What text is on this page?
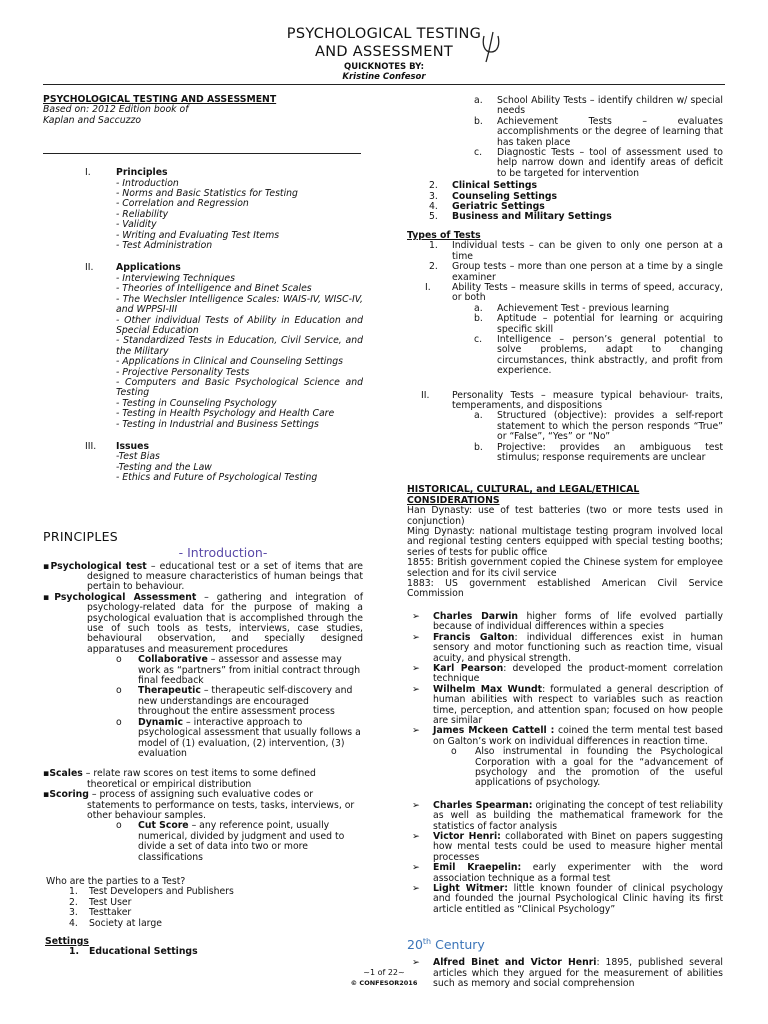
PSYCHOLOGICAL TESTING
AND ASSESSMENT
QUICKNOTES BY:
Kristine Confesor
PSYCHOLOGICAL TESTING AND ASSESSMENT
Based on: 2012 Edition book of
Kaplan and Saccuzzo
I.	Principles
- Introduction
- Norms and Basic Statistics for Testing
- Correlation and Regression
- Reliability
- Validity
- Writing and Evaluating Test Items
- Test Administration
II. Applications
- Interviewing Techniques
- Theories of Intelligence and Binet Scales
- The Wechsler Intelligence Scales: WAIS-IV, WISC-IV, and WPPSI-III
- Other individual Tests of Ability in Education and Special Education
- Standardized Tests in Education, Civil Service, and the Military
- Applications in Clinical and Counseling Settings
- Projective Personality Tests
- Computers and Basic Psychological Science and Testing
- Testing in Counseling Psychology
- Testing in Health Psychology and Health Care
- Testing in Industrial and Business Settings
III. Issues
-Test Bias
-Testing and the Law
- Ethics and Future of Psychological Testing
PRINCIPLES
- Introduction-
▪Psychological test – educational test or a set of items that are designed to measure characteristics of human beings that pertain to behaviour.
▪Psychological Assessment – gathering and integration of psychology-related data for the purpose of making a psychological evaluation that is accomplished through the use of such tools as tests, interviews, case studies, behavioural observation, and specially designed apparatuses and measurement procedures
o Collaborative – assessor and assesse may work as “partners” from initial contract through final feedback
o Therapeutic – therapeutic self-discovery and new understandings are encouraged throughout the entire assessment process
o Dynamic – interactive approach to psychological assessment that usually follows a model of (1) evaluation, (2) intervention, (3) evaluation
▪Scales – relate raw scores on test items to some defined theoretical or empirical distribution
▪Scoring – process of assigning such evaluative codes or statements to performance on tests, tasks, interviews, or other behaviour samples.
o Cut Score – any reference point, usually numerical, divided by judgment and used to divide a set of data into two or more classifications
Who are the parties to a Test?
1. Test Developers and Publishers
2. Test User
3. Testtaker
4. Society at large
Settings
1. Educational Settings
a. School Ability Tests – identify children w/ special needs
b. Achievement Tests – evaluates accomplishments or the degree of learning that has taken place
c. Diagnostic Tests – tool of assessment used to help narrow down and identify areas of deficit to be targeted for intervention
2. Clinical Settings
3. Counseling Settings
4. Geriatric Settings
5. Business and Military Settings
Types of Tests
1. Individual tests – can be given to only one person at a time
2. Group tests – more than one person at a time by a single examiner
I. Ability Tests – measure skills in terms of speed, accuracy, or both
a. Achievement Test - previous learning
b. Aptitude – potential for learning or acquiring specific skill
c. Intelligence – person’s general potential to solve problems, adapt to changing circumstances, think abstractly, and profit from experience.
II. Personality Tests – measure typical behaviour- traits, temperaments, and dispositions
a. Structured (objective): provides a self-report statement to which the person responds “True” or “False”, “Yes” or “No”
b. Projective: provides an ambiguous test stimulus; response requirements are unclear
HISTORICAL, CULTURAL, and LEGAL/ETHICAL CONSIDERATIONS
Han Dynasty: use of test batteries (two or more tests used in conjunction)
Ming Dynasty: national multistage testing program involved local and regional testing centers equipped with special testing booths; series of tests for public office
1855: British government copied the Chinese system for employee selection and for its civil service
1883: US government established American Civil Service Commission
➢ Charles Darwin higher forms of life evolved partially because of individual differences within a species
➢ Francis Galton: individual differences exist in human sensory and motor functioning such as reaction time, visual acuity, and physical strength.
➢ Karl Pearson: developed the product-moment correlation technique
➢ Wilhelm Max Wundt: formulated a general description of human abilities with respect to variables such as reaction time, perception, and attention span; focused on how people are similar
➢ James Mckeen Cattell : coined the term mental test based on Galton’s work on individual differences in reaction time.
o Also instrumental in founding the Psychological Corporation with a goal for the “advancement of psychology and the promotion of the useful applications of psychology.
➢ Charles Spearman: originating the concept of test reliability as well as building the mathematical framework for the statistics of factor analysis
➢ Victor Henri: collaborated with Binet on papers suggesting how mental tests could be used to measure higher mental processes
➢ Emil Kraepelin: early experimenter with the word association technique as a formal test
➢ Light Witmer: little known founder of clinical psychology and founded the journal Psychological Clinic having its first article entitled as “Clinical Psychology”
20th Century
➢ Alfred Binet and Victor Henri: 1895, published several articles which they argued for the measurement of abilities such as memory and social comprehension
~1 of 22~
© CONFESOR2016
